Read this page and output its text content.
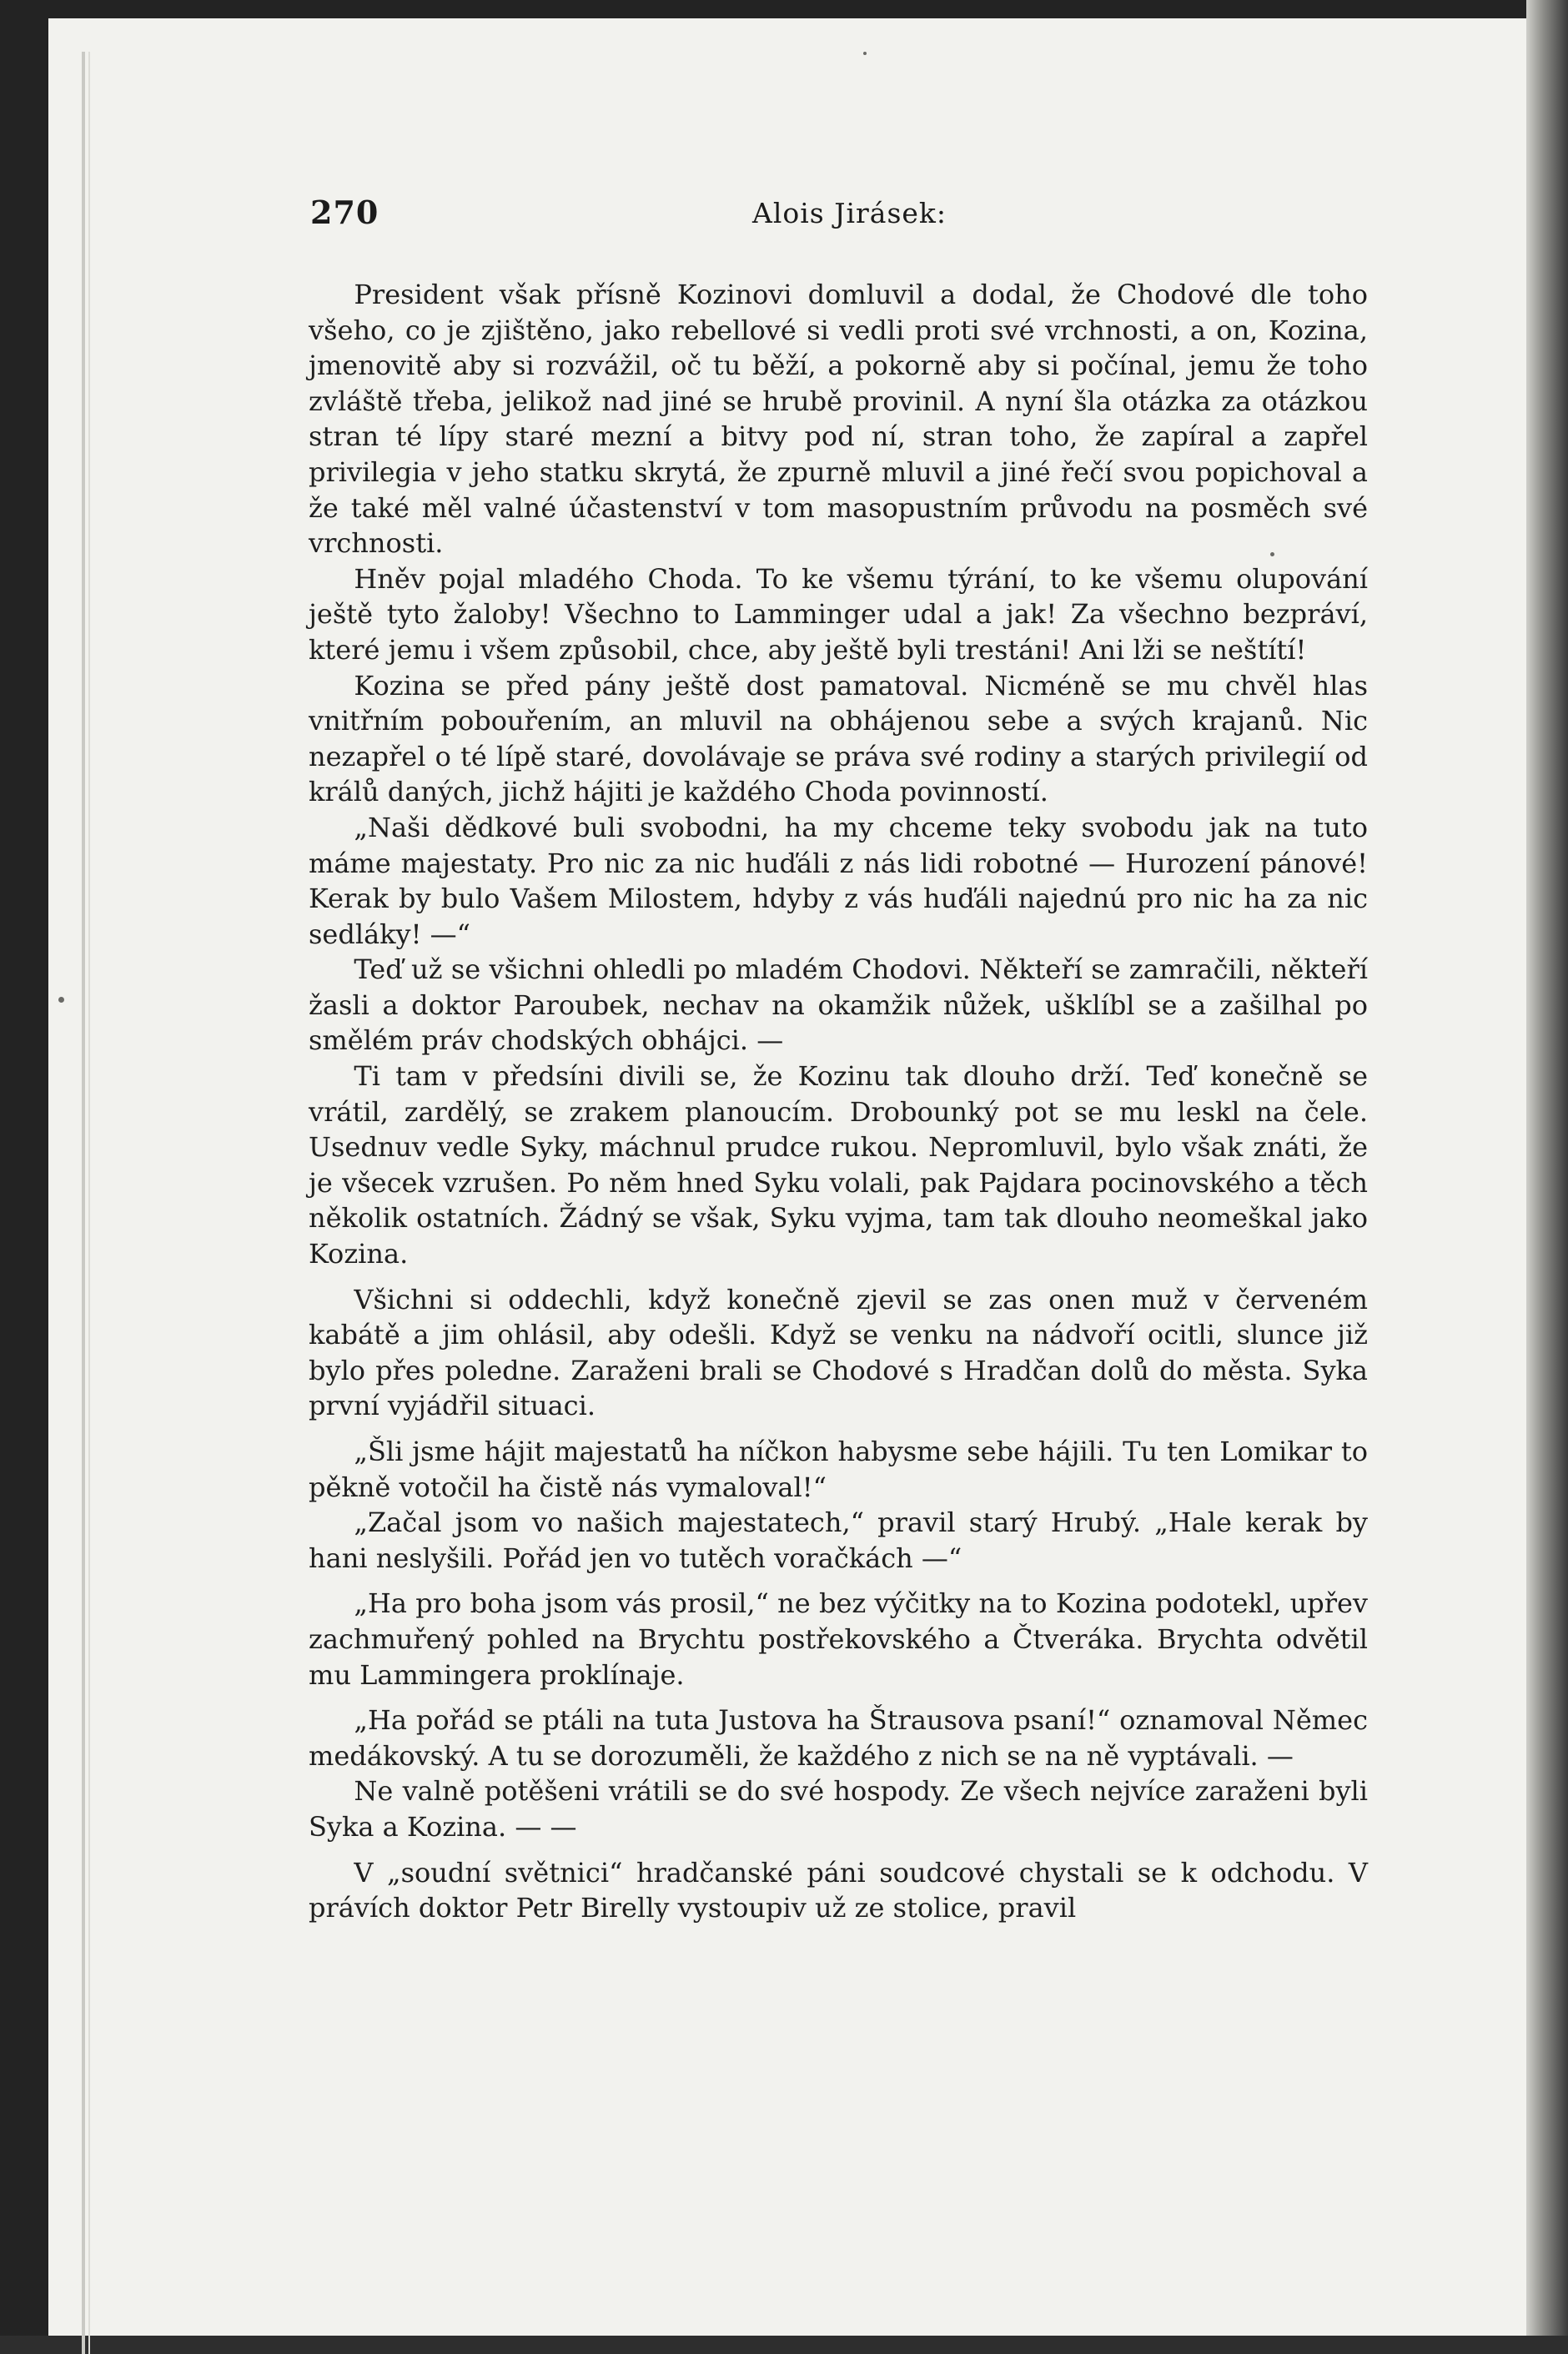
270	Alois Jirásek:

President však přísně Kozinovi domluvil a dodal, že Chodové dle toho všeho, co je zjištěno, jako rebellové si vedli proti své vrchnosti, a on, Kozina, jmenovitě aby si rozvážil, oč tu běží, a pokorně aby si počínal, jemu že toho zvláště třeba, jelikož nad jiné se hrubě provinil. A nyní šla otázka za otázkou stran té lípy staré mezní a bitvy pod ní, stran toho, že zapíral a zapřel privilegia v jeho statku skrytá, že zpurně mluvil a jiné řečí svou popichoval a že také měl valné účastenství v tom masopustním průvodu na posměch své vrchnosti.

Hněv pojal mladého Choda. To ke všemu týrání, to ke všemu olupování ještě tyto žaloby! Všechno to Lamminger udal a jak! Za všechno bezpráví, které jemu i všem způsobil, chce, aby ještě byli trestáni! Ani lži se neštítí!

Kozina se před pány ještě dost pamatoval. Nicméně se mu chvěl hlas vnitřním pobouřením, an mluvil na obhájenou sebe a svých krajanů. Nic nezapřel o té lípě staré, dovolávaje se práva své rodiny a starých privilegií od králů daných, jichž hájiti je každého Choda povinností.

„Naši dědkové buli svobodni, ha my chceme teky svobodu jak na tuto máme majestaty. Pro nic za nic huďáli z nás lidi robotné — Hurození pánové! Kerak by bulo Vašem Milostem, hdyby z vás huďáli najednú pro nic ha za nic sedláky! —“

Teď už se všichni ohledli po mladém Chodovi. Někteří se zamračili, někteří žasli a doktor Paroubek, nechav na okamžik nůžek, ušklíbl se a zašilhal po smělém práv chodských obhájci. —

Ti tam v předsíni divili se, že Kozinu tak dlouho drží. Teď konečně se vrátil, zardělý, se zrakem planoucím. Drobounký pot se mu leskl na čele. Usednuv vedle Syky, máchnul prudce rukou. Nepromluvil, bylo však znáti, že je všecek vzrušen. Po něm hned Syku volali, pak Pajdara pocinovského a těch několik ostatních. Žádný se však, Syku vyjma, tam tak dlouho neomeškal jako Kozina.

Všichni si oddechli, když konečně zjevil se zas onen muž v červeném kabátě a jim ohlásil, aby odešli. Když se venku na nádvoří ocitli, slunce již bylo přes poledne. Zaraženi brali se Chodové s Hradčan dolů do města. Syka první vyjádřil situaci.

„Šli jsme hájit majestatů ha níčkon habysme sebe hájili. Tu ten Lomikar to pěkně votočil ha čistě nás vymaloval!“

„Začal jsom vo našich majestatech,“ pravil starý Hrubý. „Hale kerak by hani neslyšili. Pořád jen vo tutěch voračkách —“

„Ha pro boha jsom vás prosil,“ ne bez výčitky na to Kozina podotekl, upřev zachmuřený pohled na Brychtu postřekovského a Čtveráka. Brychta odvětil mu Lammingera proklínaje.

„Ha pořád se ptáli na tuta Justova ha Štrausova psaní!“ oznamoval Němec medákovský. A tu se dorozuměli, že každého z nich se na ně vyptávali. —

Ne valně potěšeni vrátili se do své hospody. Ze všech nejvíce zaraženi byli Syka a Kozina. — —

V „soudní světnici“ hradčanské páni soudcové chystali se k odchodu. V právích doktor Petr Birelly vystoupiv už ze stolice, pravil
